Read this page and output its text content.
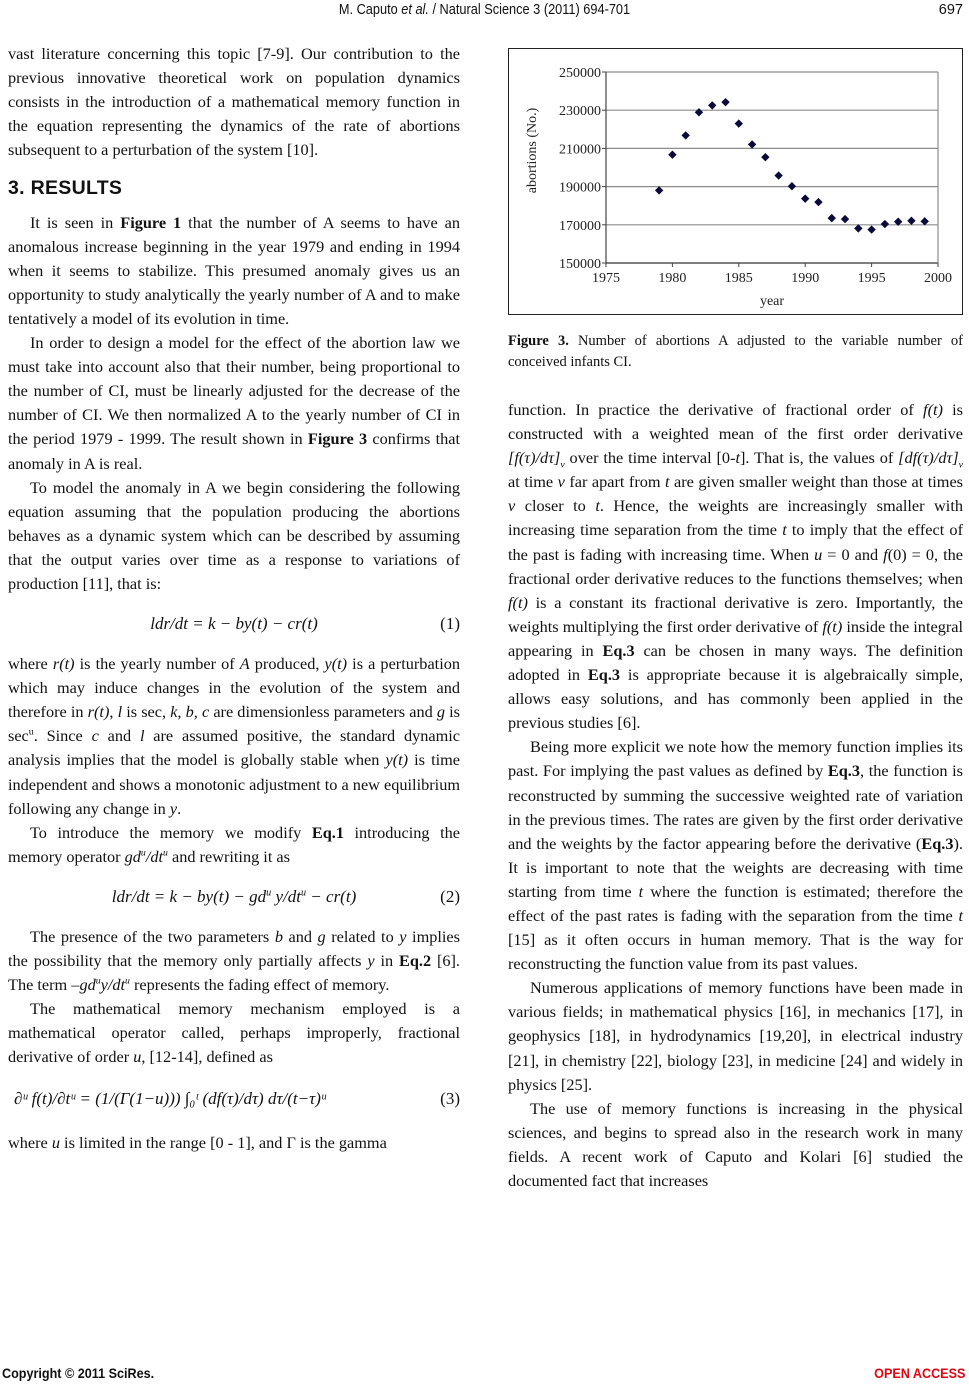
M. Caputo et al. / Natural Science 3 (2011) 694-701	697

vast literature concerning this topic [7-9]. Our contribution to the previous innovative theoretical work on population dynamics consists in the introduction of a mathematical memory function in the equation representing the dynamics of the rate of abortions subsequent to a perturbation of the system [10].

3. RESULTS

It is seen in Figure 1 that the number of A seems to have an anomalous increase beginning in the year 1979 and ending in 1994 when it seems to stabilize. This presumed anomaly gives us an opportunity to study analytically the yearly number of A and to make tentatively a model of its evolution in time.

In order to design a model for the effect of the abortion law we must take into account also that their number, being proportional to the number of CI, must be linearly adjusted for the decrease of the number of CI. We then normalized A to the yearly number of CI in the period 1979 - 1999. The result shown in Figure 3 confirms that anomaly in A is real.

To model the anomaly in A we begin considering the following equation assuming that the population producing the abortions behaves as a dynamic system which can be described by assuming that the output varies over time as a response to variations of production [11], that is:

ldr/dt = k − by(t) − cr(t)	(1)

where r(t) is the yearly number of A produced, y(t) is a perturbation which may induce changes in the evolution of the system and therefore in r(t), l is sec, k, b, c are dimensionless parameters and g is $\sec^u$. Since c and l are assumed positive, the standard dynamic analysis implies that the model is globally stable when y(t) is time independent and shows a monotonic adjustment to a new equilibrium following any change in y.

To introduce the memory we modify Eq.1 introducing the memory operator $gd^u/dt^u$ and rewriting it as

$ldr/dt = k - by(t) - gd^u$ $y/dt^u - cr(t)$	(2)

The presence of the two parameters b and g related to y implies the possibility that the memory only partially affects y in Eq.2 [6]. The term $-gd^uy/dt^u$ represents the fading effect of memory.

The mathematical memory mechanism employed is a mathematical operator called, perhaps improperly, fractional derivative of order u, [12-14], defined as

∂ᵘ f(t)/∂tᵘ = (1/(Γ(1−u))) ∫₀ᵗ (df(τ)/dτ) dτ/(t−τ)ᵘ	(3)

where u is limited in the range [0 - 1], and Γ is the gamma

150000
170000
190000
210000
230000
250000
1975	1980	1985	1990	1995	2000
year
abortions (No.)
Figure 3. Number of abortions A adjusted to the variable number of conceived infants CI.

function. In practice the derivative of fractional order of f(t) is constructed with a weighted mean of the first order derivative $[f(\tau)/d\tau]_v$ over the time interval [0-t]. That is, the values of $[df(\tau)/d\tau]_v$ at time v far apart from t are given smaller weight than those at times v closer to t. Hence, the weights are increasingly smaller with increasing time separation from the time t to imply that the effect of the past is fading with increasing time. When u = 0 and f(0) = 0, the fractional order derivative reduces to the functions themselves; when f(t) is a constant its fractional derivative is zero. Importantly, the weights multiplying the first order derivative of f(t) inside the integral appearing in Eq.3 can be chosen in many ways. The definition adopted in Eq.3 is appropriate because it is algebraically simple, allows easy solutions, and has commonly been applied in the previous studies [6].

Being more explicit we note how the memory function implies its past. For implying the past values as defined by Eq.3, the function is reconstructed by summing the successive weighted rate of variation in the previous times. The rates are given by the first order derivative and the weights by the factor appearing before the derivative (Eq.3). It is important to note that the weights are decreasing with time starting from time t where the function is estimated; therefore the effect of the past rates is fading with the separation from the time t [15] as it often occurs in human memory. That is the way for reconstructing the function value from its past values.

Numerous applications of memory functions have been made in various fields; in mathematical physics [16], in mechanics [17], in geophysics [18], in hydrodynamics [19,20], in electrical industry [21], in chemistry [22], biology [23], in medicine [24] and widely in physics [25].

The use of memory functions is increasing in the physical sciences, and begins to spread also in the research work in many fields. A recent work of Caputo and Kolari [6] studied the documented fact that increases

Copyright © 2011 SciRes.	OPEN ACCESS
